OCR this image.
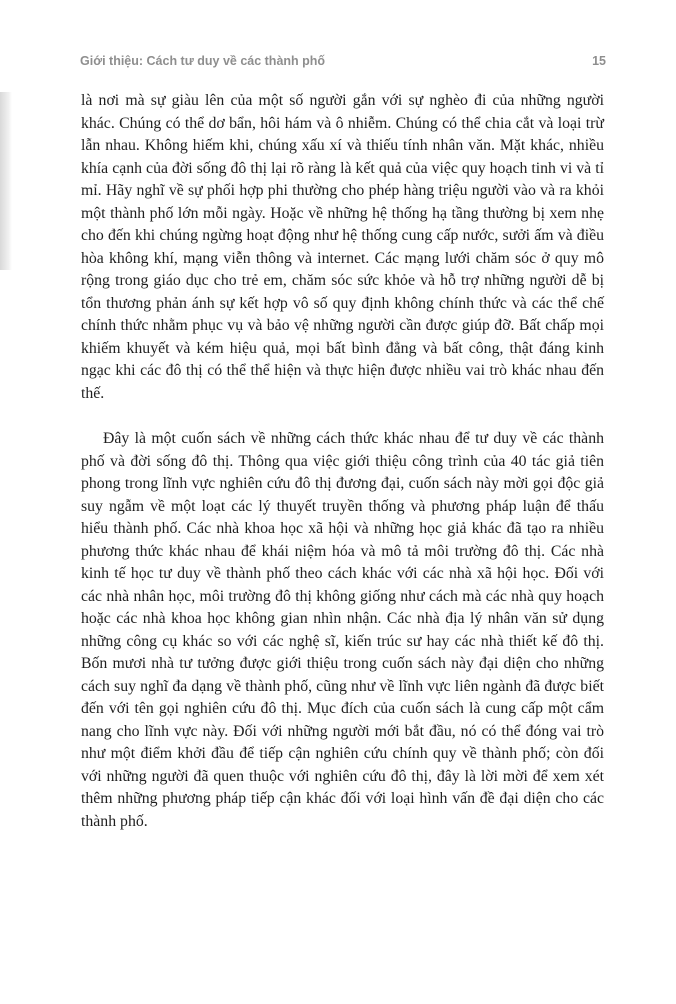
Giới thiệu: Cách tư duy về các thành phố	15

là nơi mà sự giàu lên của một số người gắn với sự nghèo đi của những người khác. Chúng có thể dơ bẩn, hôi hám và ô nhiễm. Chúng có thể chia cắt và loại trừ lẫn nhau. Không hiếm khi, chúng xấu xí và thiếu tính nhân văn. Mặt khác, nhiều khía cạnh của đời sống đô thị lại rõ ràng là kết quả của việc quy hoạch tinh vi và tỉ mỉ. Hãy nghĩ về sự phối hợp phi thường cho phép hàng triệu người vào và ra khỏi một thành phố lớn mỗi ngày. Hoặc về những hệ thống hạ tầng thường bị xem nhẹ cho đến khi chúng ngừng hoạt động như hệ thống cung cấp nước, sưởi ấm và điều hòa không khí, mạng viễn thông và internet. Các mạng lưới chăm sóc ở quy mô rộng trong giáo dục cho trẻ em, chăm sóc sức khỏe và hỗ trợ những người dễ bị tổn thương phản ánh sự kết hợp vô số quy định không chính thức và các thể chế chính thức nhằm phục vụ và bảo vệ những người cần được giúp đỡ. Bất chấp mọi khiếm khuyết và kém hiệu quả, mọi bất bình đẳng và bất công, thật đáng kinh ngạc khi các đô thị có thể thể hiện và thực hiện được nhiều vai trò khác nhau đến thế.

Đây là một cuốn sách về những cách thức khác nhau để tư duy về các thành phố và đời sống đô thị. Thông qua việc giới thiệu công trình của 40 tác giả tiên phong trong lĩnh vực nghiên cứu đô thị đương đại, cuốn sách này mời gọi độc giả suy ngẫm về một loạt các lý thuyết truyền thống và phương pháp luận để thấu hiểu thành phố. Các nhà khoa học xã hội và những học giả khác đã tạo ra nhiều phương thức khác nhau để khái niệm hóa và mô tả môi trường đô thị. Các nhà kinh tế học tư duy về thành phố theo cách khác với các nhà xã hội học. Đối với các nhà nhân học, môi trường đô thị không giống như cách mà các nhà quy hoạch hoặc các nhà khoa học không gian nhìn nhận. Các nhà địa lý nhân văn sử dụng những công cụ khác so với các nghệ sĩ, kiến trúc sư hay các nhà thiết kế đô thị. Bốn mươi nhà tư tưởng được giới thiệu trong cuốn sách này đại diện cho những cách suy nghĩ đa dạng về thành phố, cũng như về lĩnh vực liên ngành đã được biết đến với tên gọi nghiên cứu đô thị. Mục đích của cuốn sách là cung cấp một cẩm nang cho lĩnh vực này. Đối với những người mới bắt đầu, nó có thể đóng vai trò như một điểm khởi đầu để tiếp cận nghiên cứu chính quy về thành phố; còn đối với những người đã quen thuộc với nghiên cứu đô thị, đây là lời mời để xem xét thêm những phương pháp tiếp cận khác đối với loại hình vấn đề đại diện cho các thành phố.
